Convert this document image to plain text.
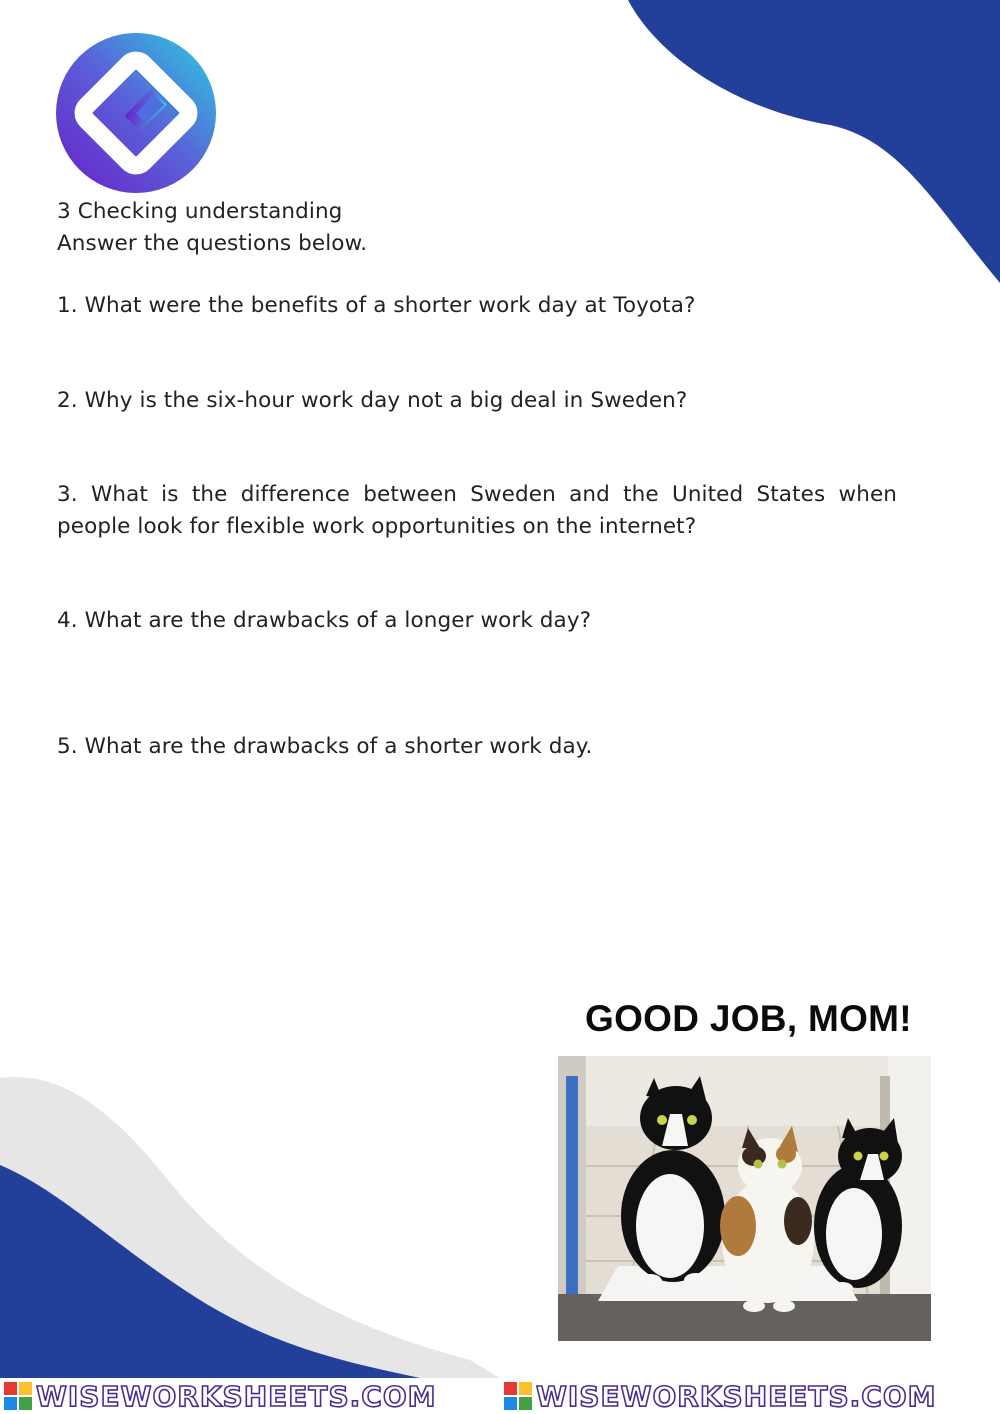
3 Checking understanding
Answer the questions below.
1. What were the benefits of a shorter work day at Toyota?
2. Why is the six-hour work day not a big deal in Sweden?
3. What is the difference between Sweden and the United States when people look for flexible work opportunities on the internet?
4. What are the drawbacks of a longer work day?
5. What are the drawbacks of a shorter work day.
GOOD JOB, MOM!
WISEWORKSHEETS.COM	WISEWORKSHEETS.COM
